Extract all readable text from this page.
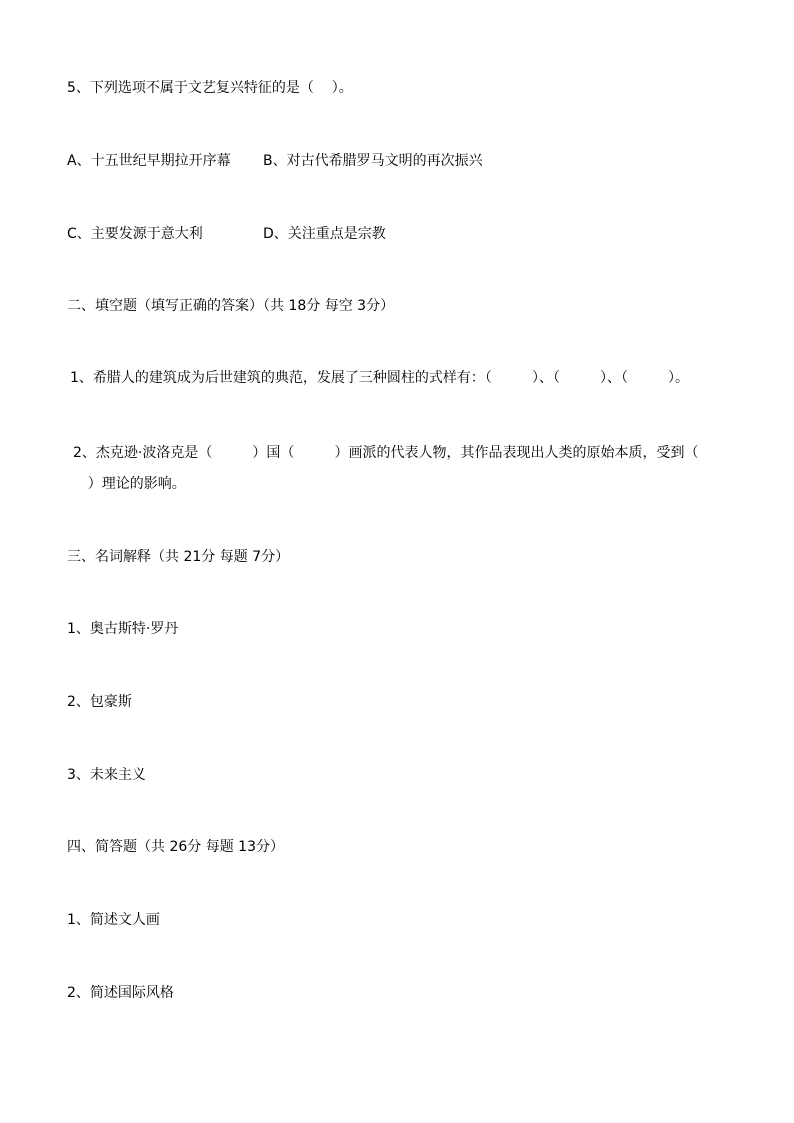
5、下列选项不属于文艺复兴特征的是（    ）。

A、十五世纪早期拉开序幕 B、对古代希腊罗马文明的再次振兴
C、主要发源于意大利	D、关注重点是宗教

二、填空题（填写正确的答案）（共 18分 每空 3分）

1、希腊人的建筑成为后世建筑的典范，发展了三种圆柱的式样有：（         ）、（         ）、（         ）。

2、杰克逊·波洛克是（         ）国（         ）画派的代表人物，其作品表现出人类的原始本质，受到（

）理论的影响。

三、名词解释（共 21分 每题 7分）

1、奥古斯特·罗丹

2、包豪斯

3、未来主义

四、简答题（共 26分 每题 13分）

1、简述文人画

2、简述国际风格
